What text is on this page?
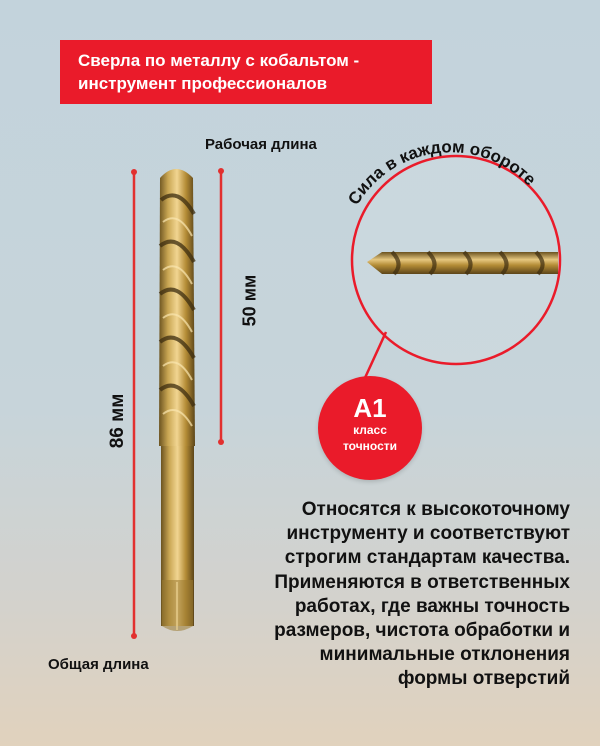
Сверла по металлу с кобальтом -
инструмент профессионалов
Сила в каждом обороте
Рабочая длина
50 мм
86 мм
Общая длина
А1
класс
точности
Относятся к высокоточному
инструменту и соответствуют
строгим стандартам качества.
Применяются в ответственных
работах, где важны точность
размеров, чистота обработки и
минимальные отклонения
формы отверстий
